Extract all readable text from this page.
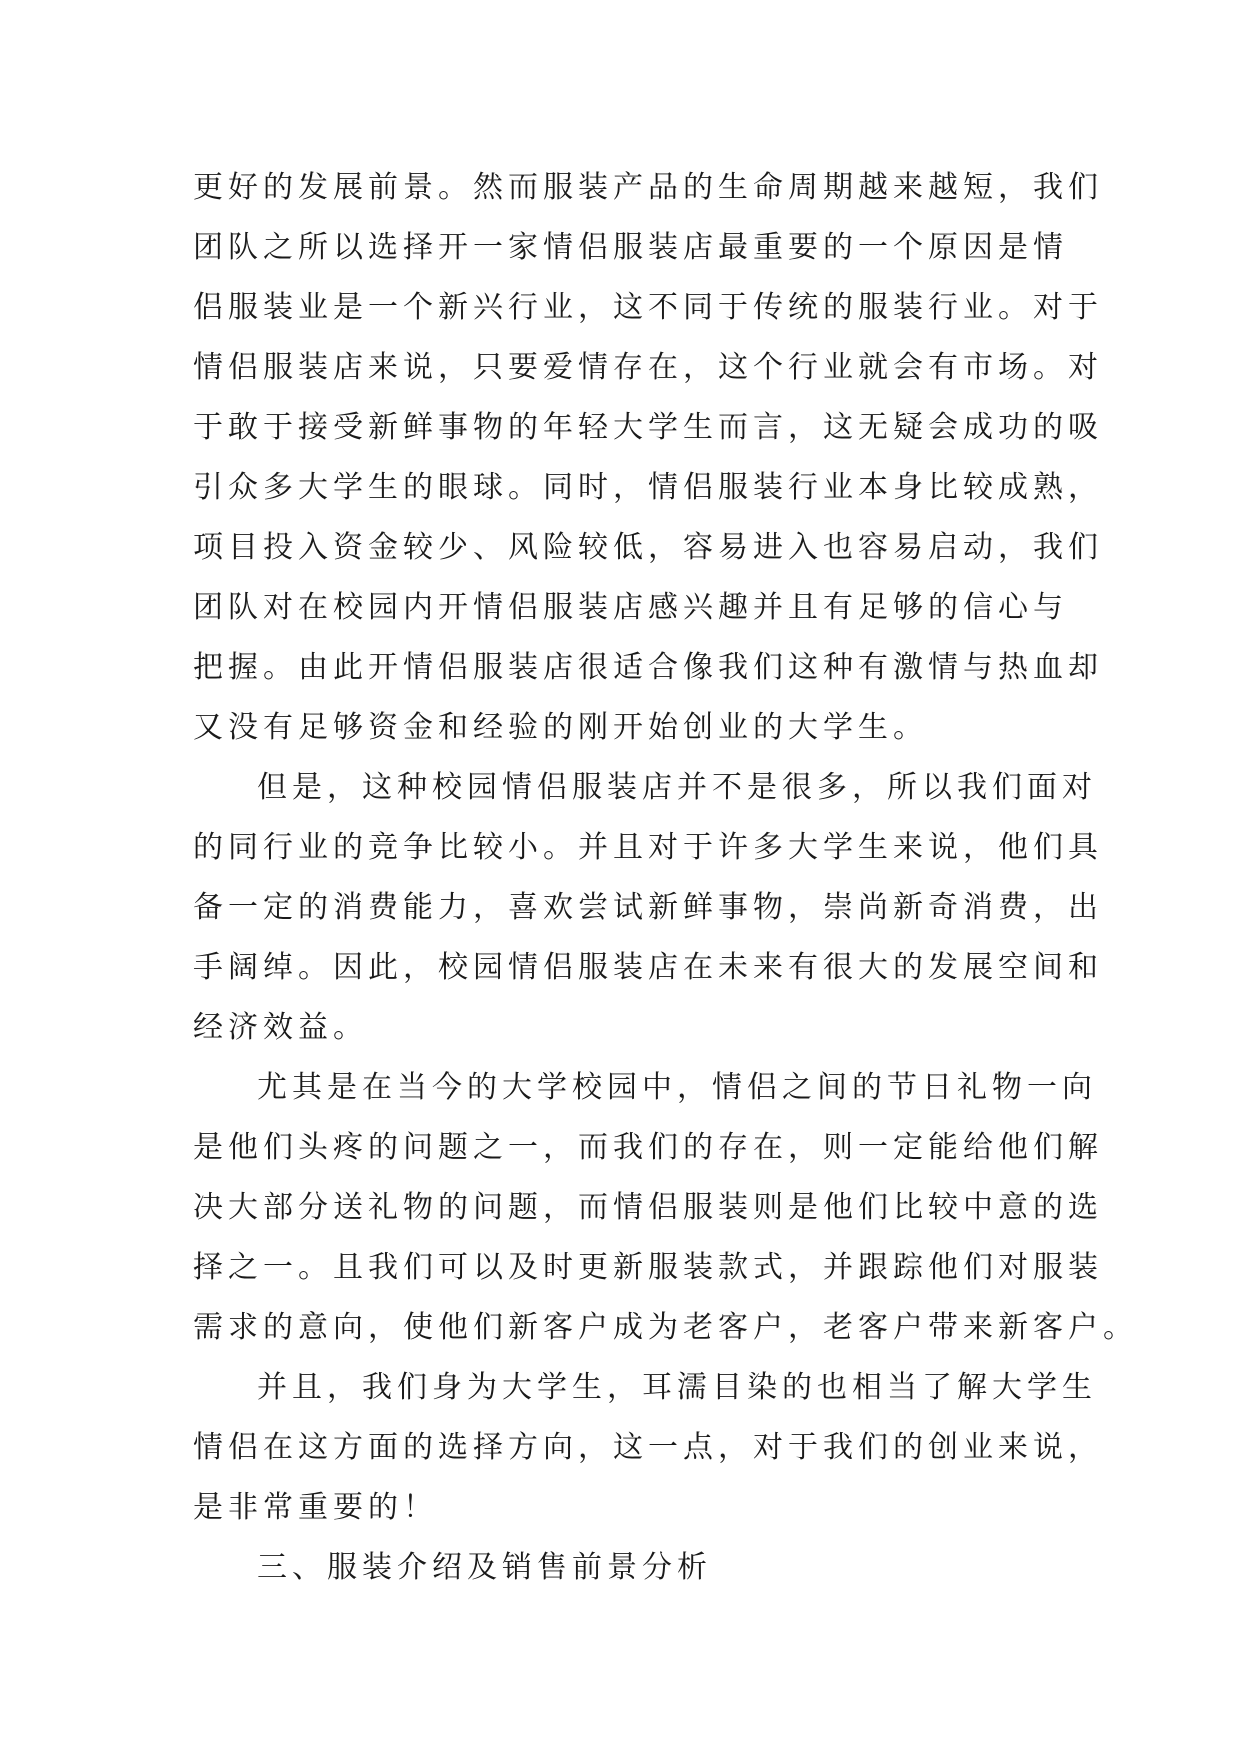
更好的发展前景。然而服装产品的生命周期越来越短，我们
团队之所以选择开一家情侣服装店最重要的一个原因是情
侣服装业是一个新兴行业，这不同于传统的服装行业。对于
情侣服装店来说，只要爱情存在，这个行业就会有市场。对
于敢于接受新鲜事物的年轻大学生而言，这无疑会成功的吸
引众多大学生的眼球。同时，情侣服装行业本身比较成熟，
项目投入资金较少、风险较低，容易进入也容易启动，我们
团队对在校园内开情侣服装店感兴趣并且有足够的信心与
把握。由此开情侣服装店很适合像我们这种有激情与热血却
又没有足够资金和经验的刚开始创业的大学生。
但是，这种校园情侣服装店并不是很多，所以我们面对
的同行业的竞争比较小。并且对于许多大学生来说，他们具
备一定的消费能力，喜欢尝试新鲜事物，崇尚新奇消费，出
手阔绰。因此，校园情侣服装店在未来有很大的发展空间和
经济效益。
尤其是在当今的大学校园中，情侣之间的节日礼物一向
是他们头疼的问题之一，而我们的存在，则一定能给他们解
决大部分送礼物的问题，而情侣服装则是他们比较中意的选
择之一。且我们可以及时更新服装款式，并跟踪他们对服装
需求的意向，使他们新客户成为老客户，老客户带来新客户。
并且，我们身为大学生，耳濡目染的也相当了解大学生
情侣在这方面的选择方向，这一点，对于我们的创业来说，
是非常重要的！
三、服装介绍及销售前景分析
